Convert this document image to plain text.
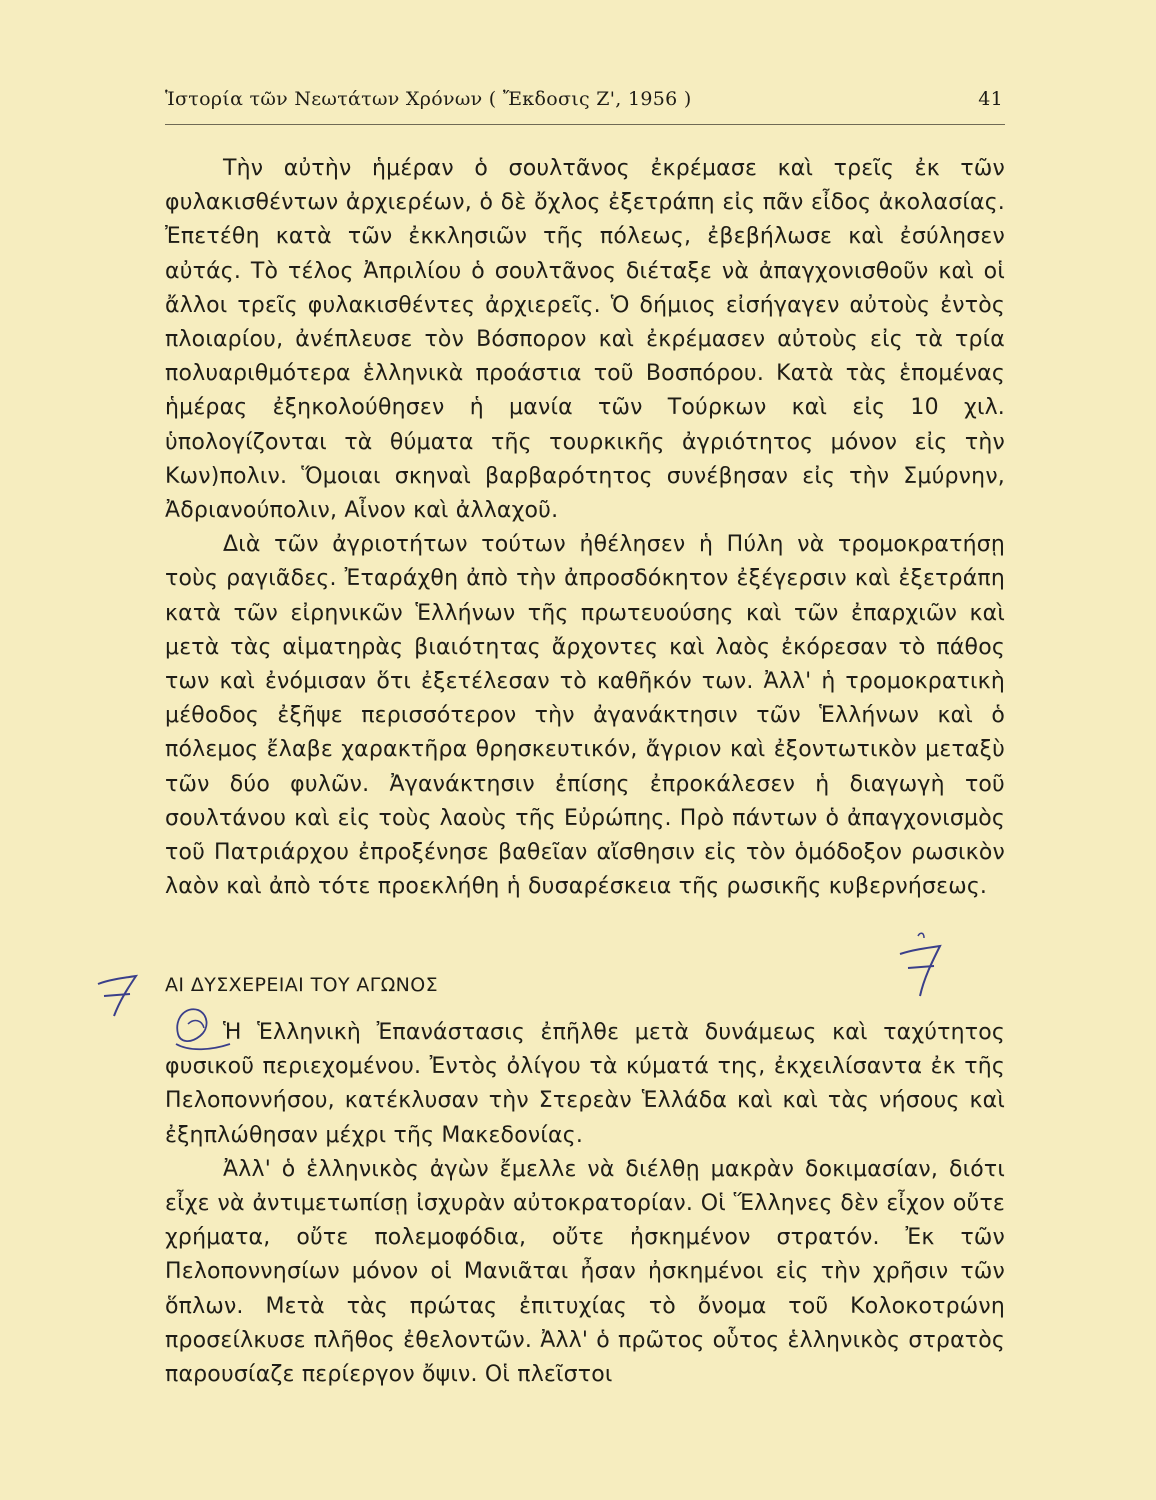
Ἱστορία τῶν Νεωτάτων Χρόνων ( Ἔκδοσις Ζ', 1956 )	41

Τὴν αὐτὴν ἡμέραν ὁ σουλτᾶνος ἐκρέμασε καὶ τρεῖς ἐκ τῶν φυλακισθέντων ἀρχιερέων, ὁ δὲ ὄχλος ἐξετράπη εἰς πᾶν εἶδος ἀκολασίας. Ἐπετέθη κατὰ τῶν ἐκκλησιῶν τῆς πόλεως, ἐβεβήλωσε καὶ ἐσύλησεν αὐτάς. Τὸ τέλος Ἀπριλίου ὁ σουλτᾶνος διέταξε νὰ ἀπαγχονισθοῦν καὶ οἱ ἄλλοι τρεῖς φυλακισθέντες ἀρχιερεῖς. Ὁ δήμιος εἰσήγαγεν αὐτοὺς ἐντὸς πλοιαρίου, ἀνέπλευσε τὸν Βόσπορον καὶ ἐκρέμασεν αὐτοὺς εἰς τὰ τρία πολυαριθμότερα ἑλληνικὰ προάστια τοῦ Βοσπόρου. Κατὰ τὰς ἑπομένας ἡμέρας ἐξηκολούθησεν ἡ μανία τῶν Τούρκων καὶ εἰς 10 χιλ. ὑπολογίζονται τὰ θύματα τῆς τουρκικῆς ἀγριότητος μόνον εἰς τὴν Κων)πολιν. Ὅμοιαι σκηναὶ βαρβαρότητος συνέβησαν εἰς τὴν Σμύρνην, Ἀδριανούπολιν, Αἶνον καὶ ἀλλαχοῦ.

Διὰ τῶν ἀγριοτήτων τούτων ἠθέλησεν ἡ Πύλη νὰ τρομοκρατήσῃ τοὺς ραγιᾶδες. Ἐταράχθη ἀπὸ τὴν ἀπροσδόκητον ἐξέγερσιν καὶ ἐξετράπη κατὰ τῶν εἰρηνικῶν Ἑλλήνων τῆς πρωτευούσης καὶ τῶν ἐπαρχιῶν καὶ μετὰ τὰς αἱματηρὰς βιαιότητας ἄρχοντες καὶ λαὸς ἐκόρεσαν τὸ πάθος των καὶ ἐνόμισαν ὅτι ἐξετέλεσαν τὸ καθῆκόν των. Ἀλλ' ἡ τρομοκρατικὴ μέθοδος ἐξῆψε περισσότερον τὴν ἀγανάκτησιν τῶν Ἑλλήνων καὶ ὁ πόλεμος ἔλαβε χαρακτῆρα θρησκευτικόν, ἄγριον καὶ ἐξοντωτικὸν μεταξὺ τῶν δύο φυλῶν. Ἀγανάκτησιν ἐπίσης ἐπροκάλεσεν ἡ διαγωγὴ τοῦ σουλτάνου καὶ εἰς τοὺς λαοὺς τῆς Εὐρώπης. Πρὸ πάντων ὁ ἀπαγχονισμὸς τοῦ Πατριάρχου ἐπροξένησε βαθεῖαν αἴσθησιν εἰς τὸν ὁμόδοξον ρωσικὸν λαὸν καὶ ἀπὸ τότε προεκλήθη ἡ δυσαρέσκεια τῆς ρωσικῆς κυβερνήσεως.

ΑΙ ΔΥΣΧΕΡΕΙΑΙ ΤΟΥ ΑΓΩΝΟΣ

Ἡ Ἑλληνικὴ Ἐπανάστασις ἐπῆλθε μετὰ δυνάμεως καὶ ταχύτητος φυσικοῦ περιεχομένου. Ἐντὸς ὀλίγου τὰ κύματά της, ἐκχειλίσαντα ἐκ τῆς Πελοποννήσου, κατέκλυσαν τὴν Στερεὰν Ἑλλάδα καὶ καὶ τὰς νήσους καὶ ἐξηπλώθησαν μέχρι τῆς Μακεδονίας.

Ἀλλ' ὁ ἑλληνικὸς ἀγὼν ἔμελλε νὰ διέλθῃ μακρὰν δοκιμασίαν, διότι εἶχε νὰ ἀντιμετωπίσῃ ἰσχυρὰν αὐτοκρατορίαν. Οἱ Ἕλληνες δὲν εἶχον οὔτε χρήματα, οὔτε πολεμοφόδια, οὔτε ἠσκημένον στρατόν. Ἐκ τῶν Πελοποννησίων μόνον οἱ Μανιᾶται ἦσαν ἠσκημένοι εἰς τὴν χρῆσιν τῶν ὅπλων. Μετὰ τὰς πρώτας ἐπιτυχίας τὸ ὄνομα τοῦ Κολοκοτρώνη προσείλκυσε πλῆθος ἐθελοντῶν. Ἀλλ' ὁ πρῶτος οὗτος ἑλληνικὸς στρατὸς παρουσίαζε περίεργον ὄψιν. Οἱ πλεῖστοι
